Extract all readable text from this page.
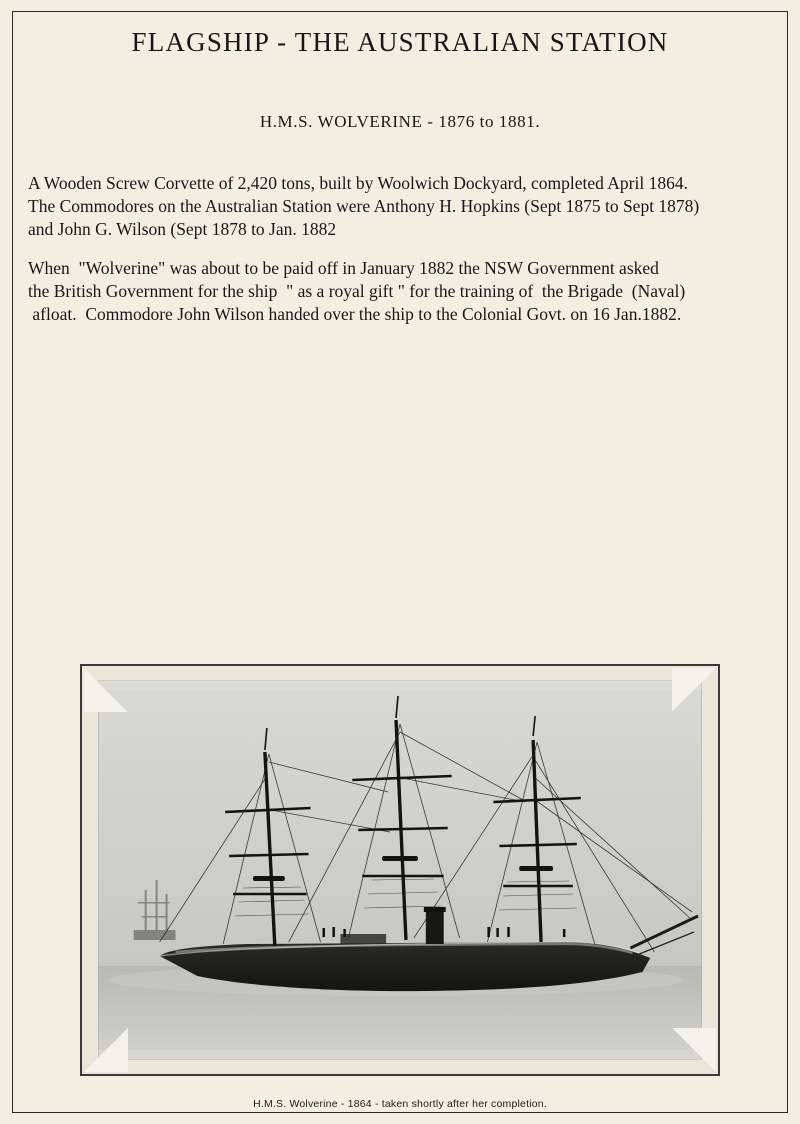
FLAGSHIP - THE AUSTRALIAN STATION
H.M.S. WOLVERINE - 1876 to 1881.
A Wooden Screw Corvette of 2,420 tons, built by Woolwich Dockyard, completed April 1864.
The Commodores on the Australian Station were Anthony H. Hopkins (Sept 1875 to Sept 1878)
and John G. Wilson (Sept 1878 to Jan. 1882
When  "Wolverine" was about to be paid off in January 1882 the NSW Government asked
the British Government for the ship  " as a royal gift " for the training of  the Brigade  (Naval)
afloat.  Commodore John Wilson handed over the ship to the Colonial Govt. on 16 Jan.1882.
H.M.S. Wolverine - 1864 - taken shortly after her completion.
